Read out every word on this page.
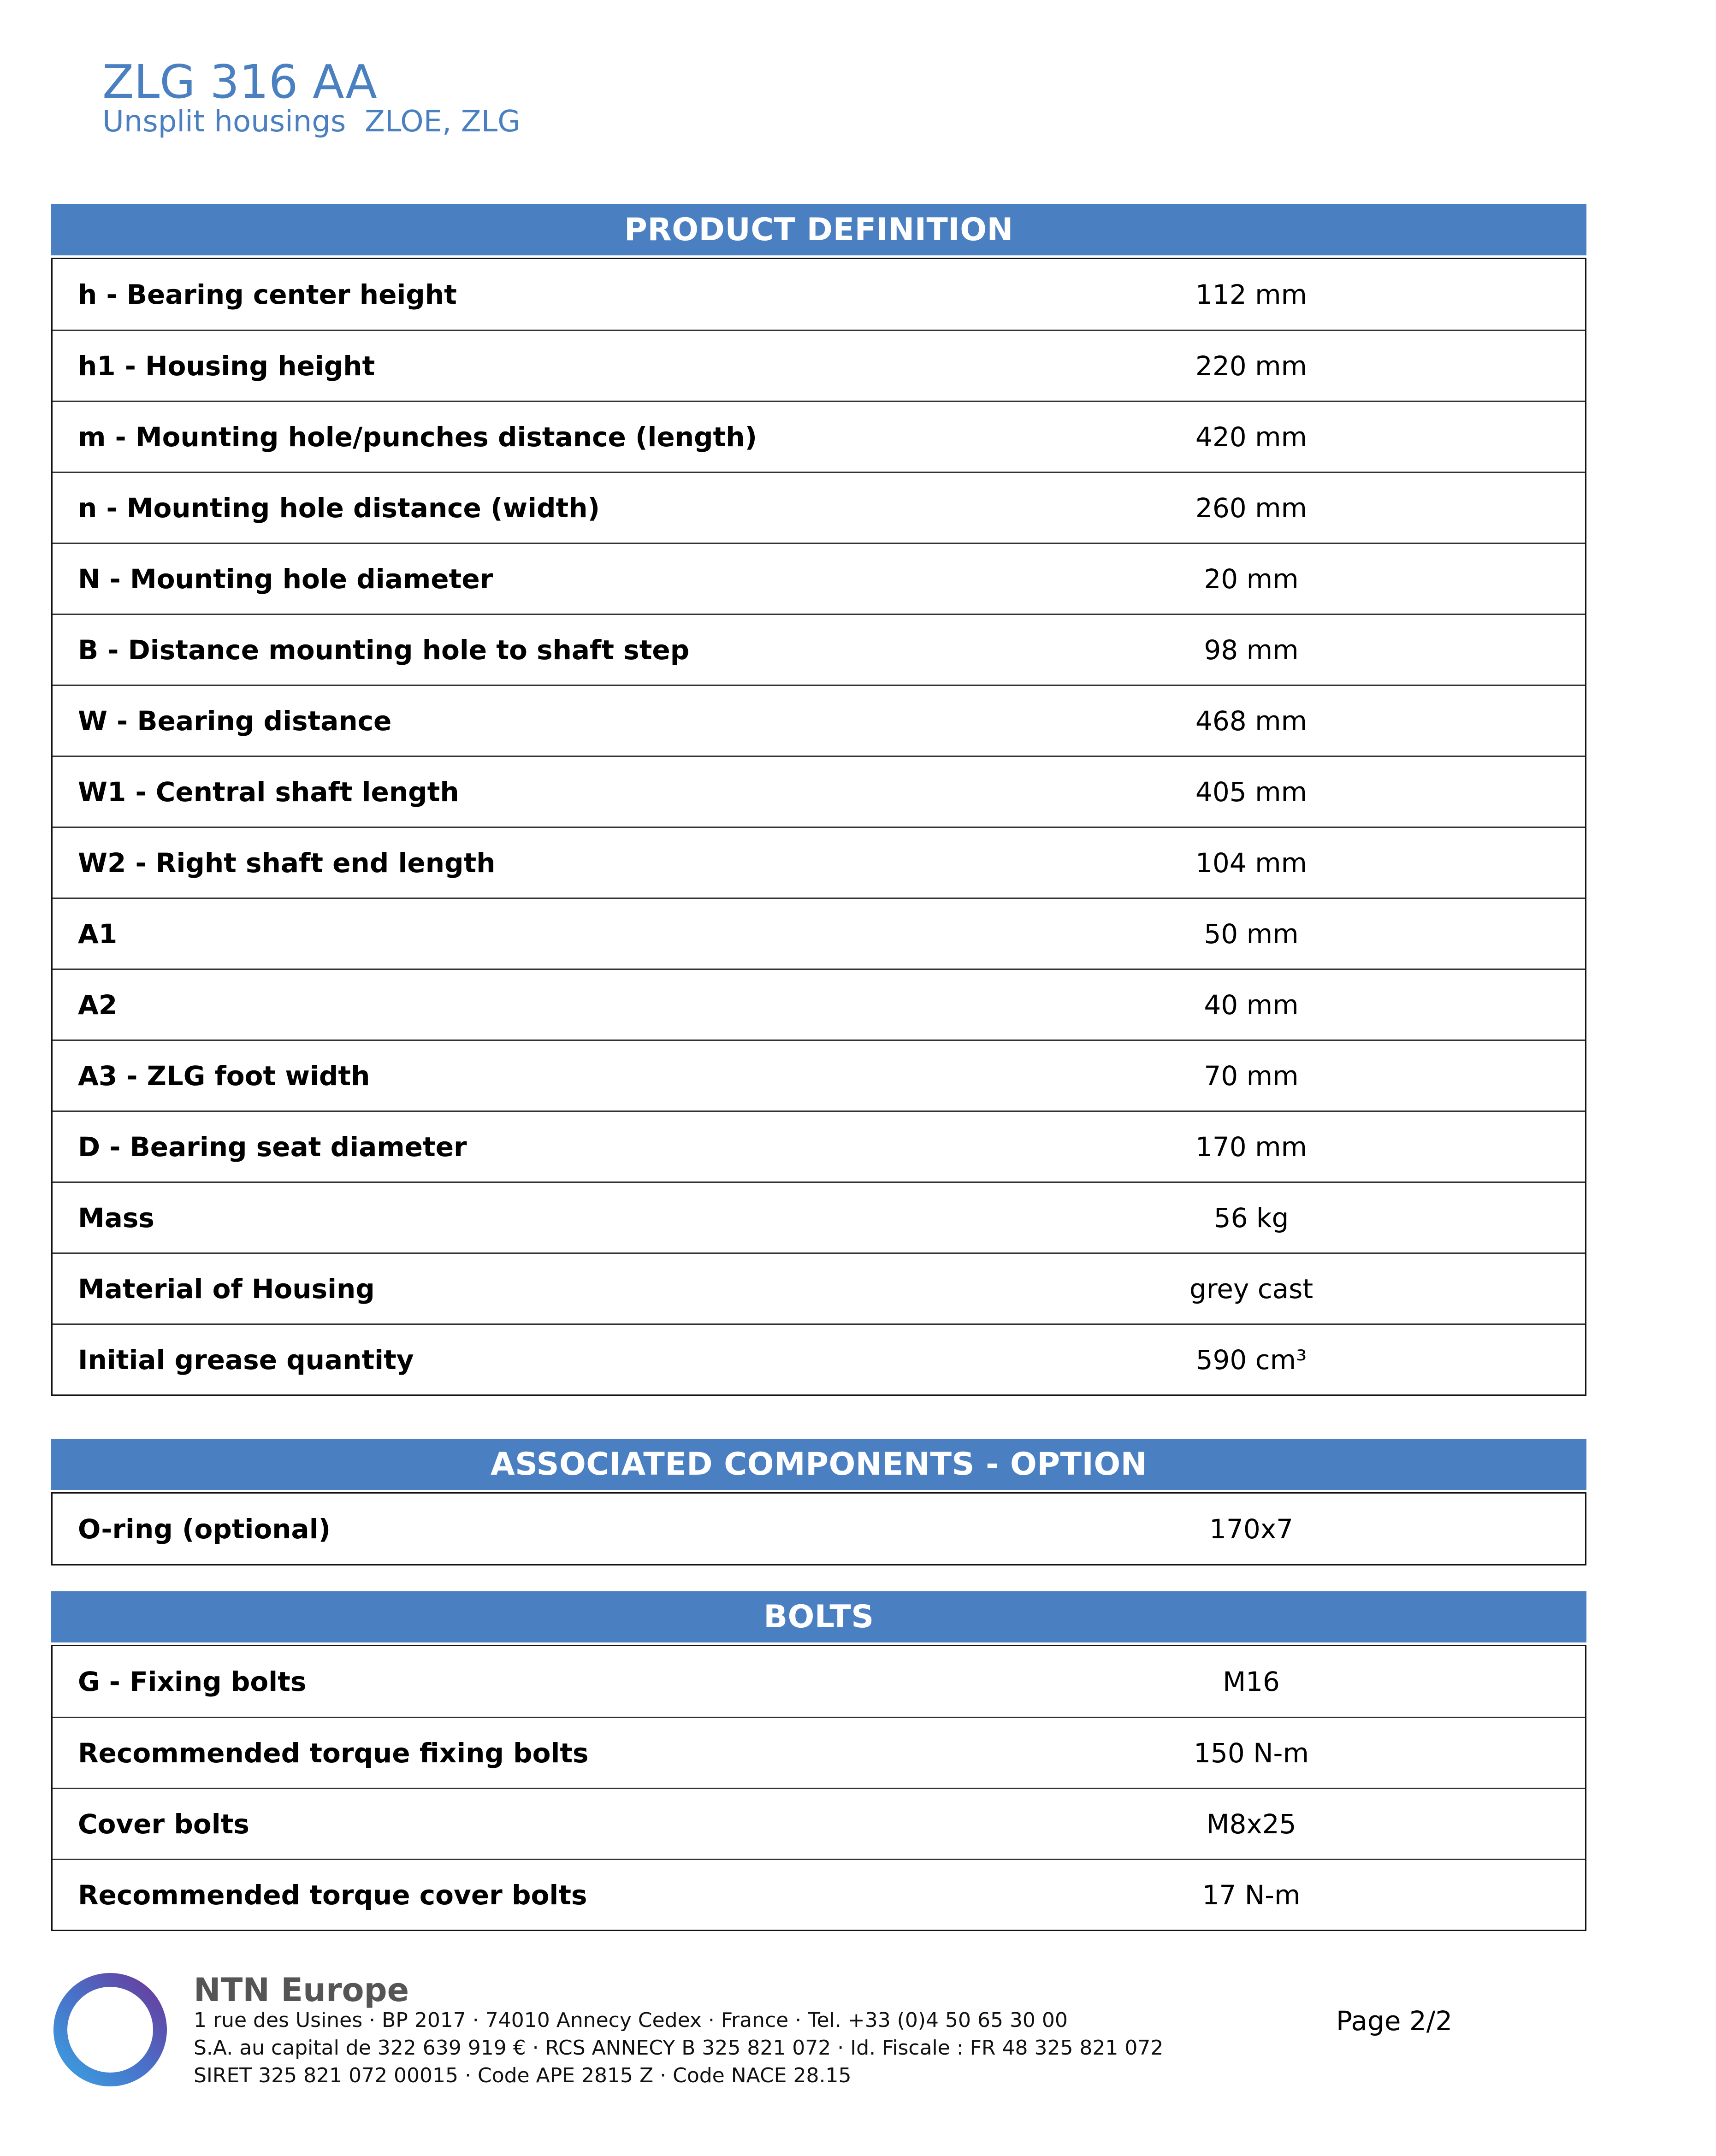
ZLG 316 AA
Unsplit housings  ZLOE, ZLG
PRODUCT DEFINITION
h - Bearing center height	112 mm
h1 - Housing height	220 mm
m - Mounting hole/punches distance (length)	420 mm
n - Mounting hole distance (width)	260 mm
N - Mounting hole diameter	20 mm
B - Distance mounting hole to shaft step	98 mm
W - Bearing distance	468 mm
W1 - Central shaft length	405 mm
W2 - Right shaft end length	104 mm
A1	50 mm
A2	40 mm
A3 - ZLG foot width	70 mm
D - Bearing seat diameter	170 mm
Mass	56 kg
Material of Housing	grey cast
Initial grease quantity	590 cm³
ASSOCIATED COMPONENTS - OPTION
O-ring (optional)	170x7
BOLTS
G - Fixing bolts	M16
Recommended torque fixing bolts	150 N-m
Cover bolts	M8x25
Recommended torque cover bolts	17 N-m
NTN Europe
1 rue des Usines · BP 2017 · 74010 Annecy Cedex · France · Tel. +33 (0)4 50 65 30 00
S.A. au capital de 322 639 919 € · RCS ANNECY B 325 821 072 · Id. Fiscale : FR 48 325 821 072
SIRET 325 821 072 00015 · Code APE 2815 Z · Code NACE 28.15
Page 2/2
